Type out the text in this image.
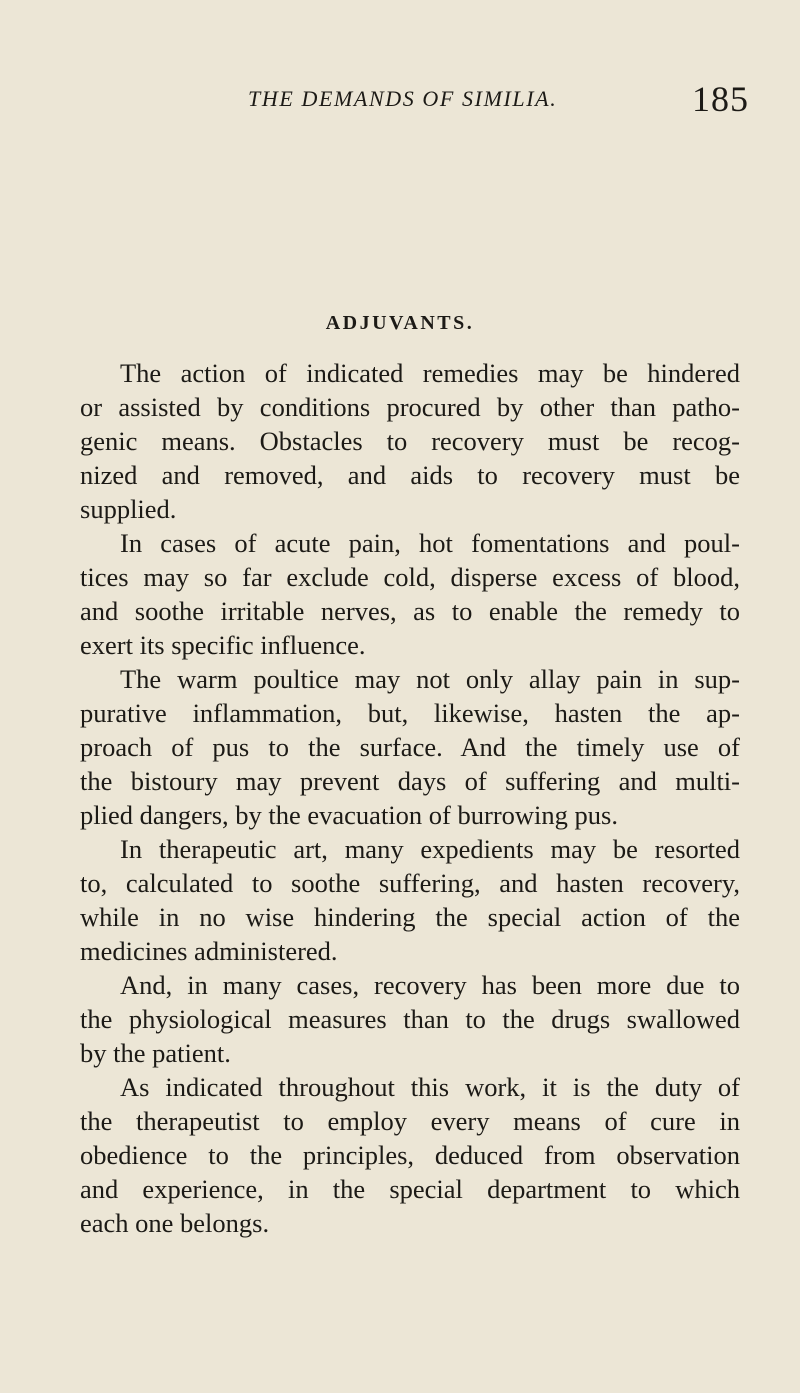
THE DEMANDS OF SIMILIA.	185
ADJUVANTS.
The action of indicated remedies may be hindered
or assisted by conditions procured by other than patho-
genic means. Obstacles to recovery must be recog-
nized and removed, and aids to recovery must be
supplied.
In cases of acute pain, hot fomentations and poul-
tices may so far exclude cold, disperse excess of blood,
and soothe irritable nerves, as to enable the remedy to
exert its specific influence.
The warm poultice may not only allay pain in sup-
purative inflammation, but, likewise, hasten the ap-
proach of pus to the surface. And the timely use of
the bistoury may prevent days of suffering and multi-
plied dangers, by the evacuation of burrowing pus.
In therapeutic art, many expedients may be resorted
to, calculated to soothe suffering, and hasten recovery,
while in no wise hindering the special action of the
medicines administered.
And, in many cases, recovery has been more due to
the physiological measures than to the drugs swallowed
by the patient.
As indicated throughout this work, it is the duty of
the therapeutist to employ every means of cure in
obedience to the principles, deduced from observation
and experience, in the special department to which
each one belongs.
